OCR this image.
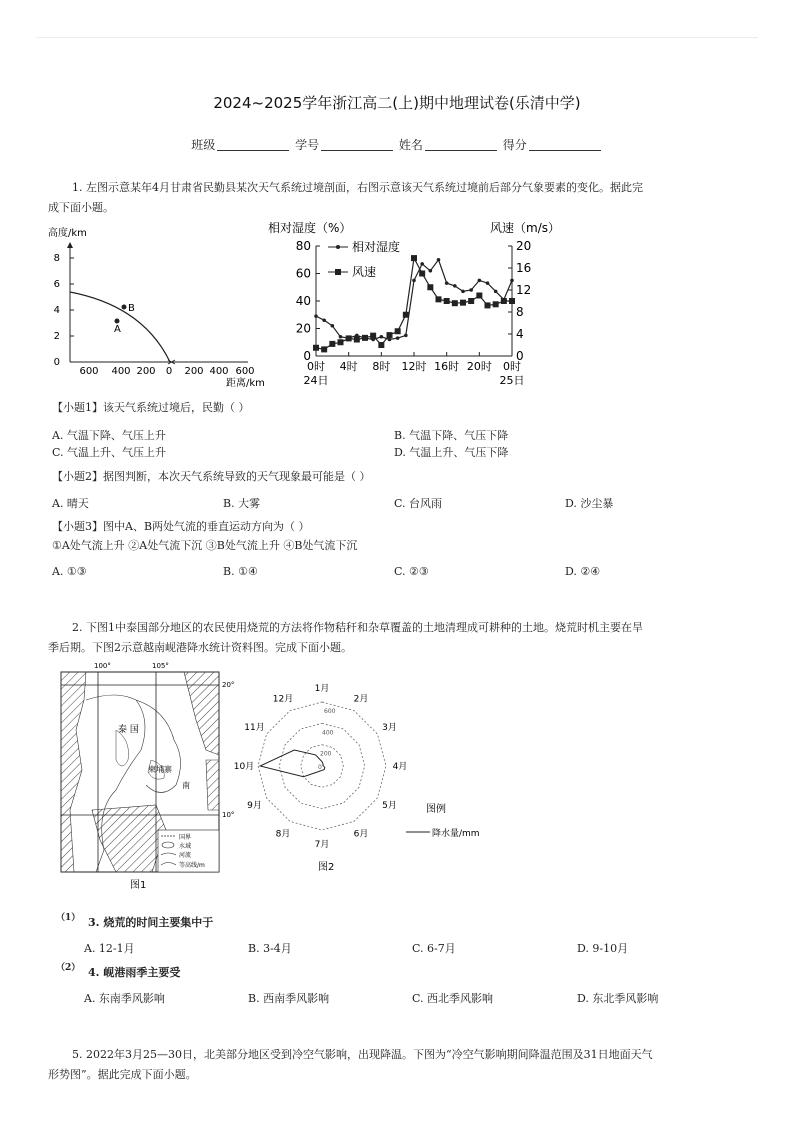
2024~2025学年浙江高二(上)期中地理试卷(乐清中学)
班级	学号	姓名	得分
1. 左图示意某年4月甘肃省民勤县某次天气系统过境剖面，右图示意该天气系统过境前后部分气象要素的变化。据此完
成下面小题。
高度/km
8
6
4
2
0
A
B
600 400 200 0 200 400 600
距离/km
相对湿度（%）	风速（m/s）
80
60
40
20
0
20
16
12
8
4
0
0时 4时 8时 12时 16时 20时 0时
24日	25日
相对湿度
风速
【小题1】该天气系统过境后，民勤（ ）
A. 气温下降、气压上升	B. 气温下降、气压下降
C. 气温上升、气压上升	D. 气温上升、气压下降
【小题2】据图判断，本次天气系统导致的天气现象最可能是（ ）
A. 晴天	B. 大雾	C. 台风雨	D. 沙尘暴
【小题3】图中A、B两处气流的垂直运动方向为（ ）
①A处气流上升 ②A处气流下沉 ③B处气流上升 ④B处气流下沉
A. ①③	B. ①④	C. ②③	D. ②④
2. 下图1中泰国部分地区的农民使用烧荒的方法将作物秸秆和杂草覆盖的土地清理成可耕种的土地。烧荒时机主要在旱
季后期。下图2示意越南岘港降水统计资料图。完成下面小题。
100°	105°
20°
10°
泰 国
柬埔寨
南
国界
水域
河流
等高线/m
图1
0
200
400
600
1月
2月
3月
4月
5月
6月
7月
8月
9月
10月
11月
12月
图例
降水量/mm
图2
（1） 3. 烧荒的时间主要集中于
A. 12-1月	B. 3-4月	C. 6-7月	D. 9-10月
（2） 4. 岘港雨季主要受
A. 东南季风影响	B. 西南季风影响	C. 西北季风影响	D. 东北季风影响
5. 2022年3月25—30日，北美部分地区受到冷空气影响，出现降温。下图为“冷空气影响期间降温范围及31日地面天气
形势图”。据此完成下面小题。
